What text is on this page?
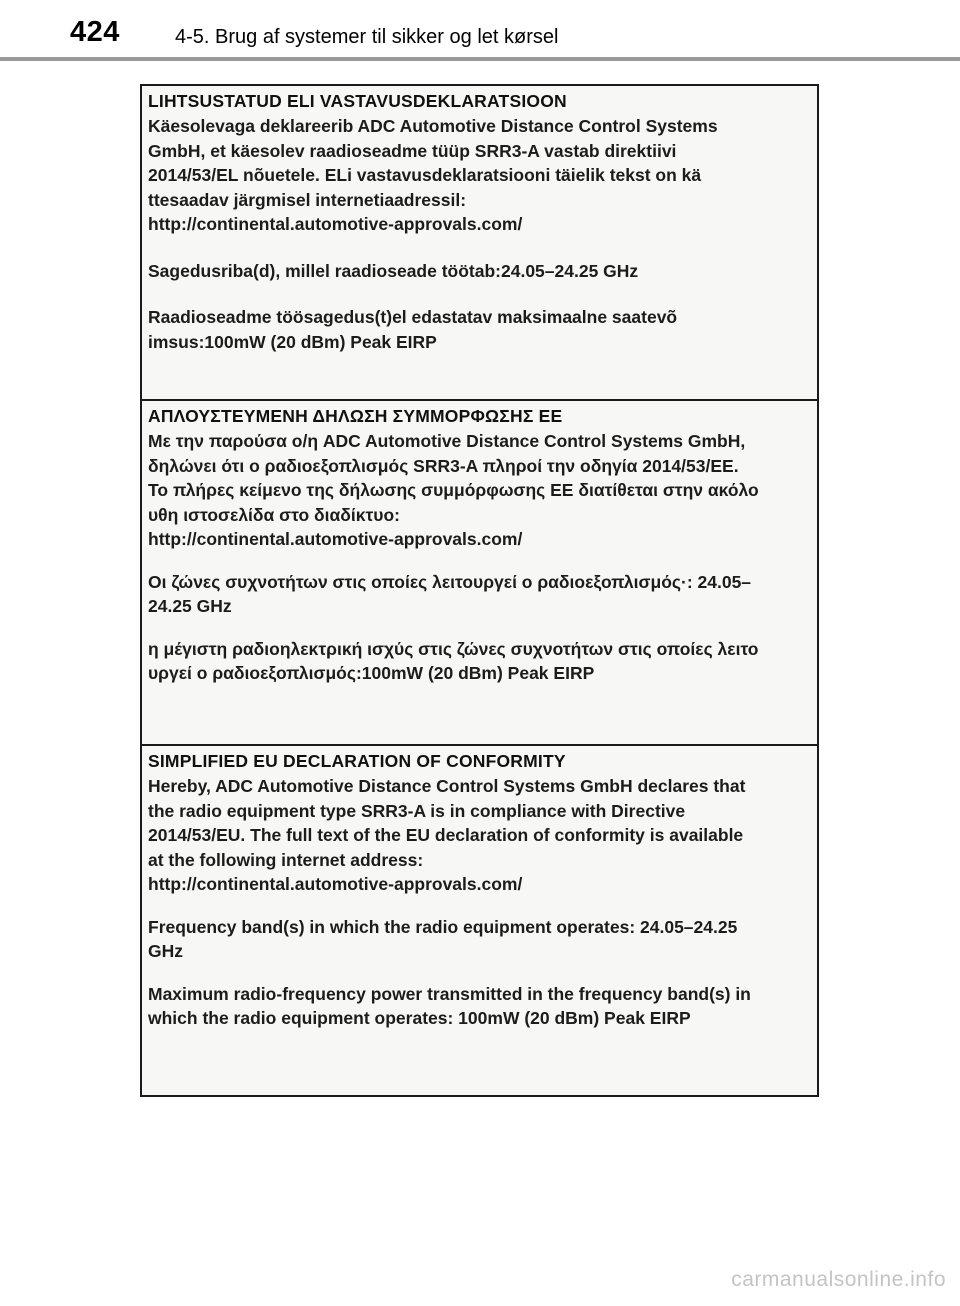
424	4-5. Brug af systemer til sikker og let kørsel
LIHTSUSTATUD ELI VASTAVUSDEKLARATSIOON
Käesolevaga deklareerib ADC Automotive Distance Control Systems
GmbH, et käesolev raadioseadme tüüp SRR3-A vastab direktiivi
2014/53/EL nõuetele. ELi vastavusdeklaratsiooni täielik tekst on kä
ttesaadav järgmisel internetiaadressil:
http://continental.automotive-approvals.com/
Sagedusriba(d), millel raadioseade töötab:24.05–24.25 GHz
Raadioseadme töösagedus(t)el edastatav maksimaalne saatevõ
imsus:100mW (20 dBm) Peak EIRP
ΑΠΛΟΥΣΤΕΥΜΕΝΗ ΔΗΛΩΣΗ ΣΥΜΜΟΡΦΩΣΗΣ ΕΕ
Με την παρούσα ο/η ADC Automotive Distance Control Systems GmbH,
δηλώνει ότι ο ραδιοεξοπλισμός SRR3-A πληροί την οδηγία 2014/53/ΕΕ.
Το πλήρες κείμενο της δήλωσης συμμόρφωσης ΕΕ διατίθεται στην ακόλο
υθη ιστοσελίδα στο διαδίκτυο:
http://continental.automotive-approvals.com/
Οι ζώνες συχνοτήτων στις οποίες λειτουργεί ο ραδιοεξοπλισμός·: 24.05–
24.25 GHz
η μέγιστη ραδιοηλεκτρική ισχύς στις ζώνες συχνοτήτων στις οποίες λειτο
υργεί ο ραδιοεξοπλισμός:100mW (20 dBm) Peak EIRP
SIMPLIFIED EU DECLARATION OF CONFORMITY
Hereby, ADC Automotive Distance Control Systems GmbH declares that
the radio equipment type SRR3-A is in compliance with Directive
2014/53/EU. The full text of the EU declaration of conformity is available
at the following internet address:
http://continental.automotive-approvals.com/
Frequency band(s) in which the radio equipment operates: 24.05–24.25
GHz
Maximum radio-frequency power transmitted in the frequency band(s) in
which the radio equipment operates: 100mW (20 dBm) Peak EIRP
carmanualsonline.info
